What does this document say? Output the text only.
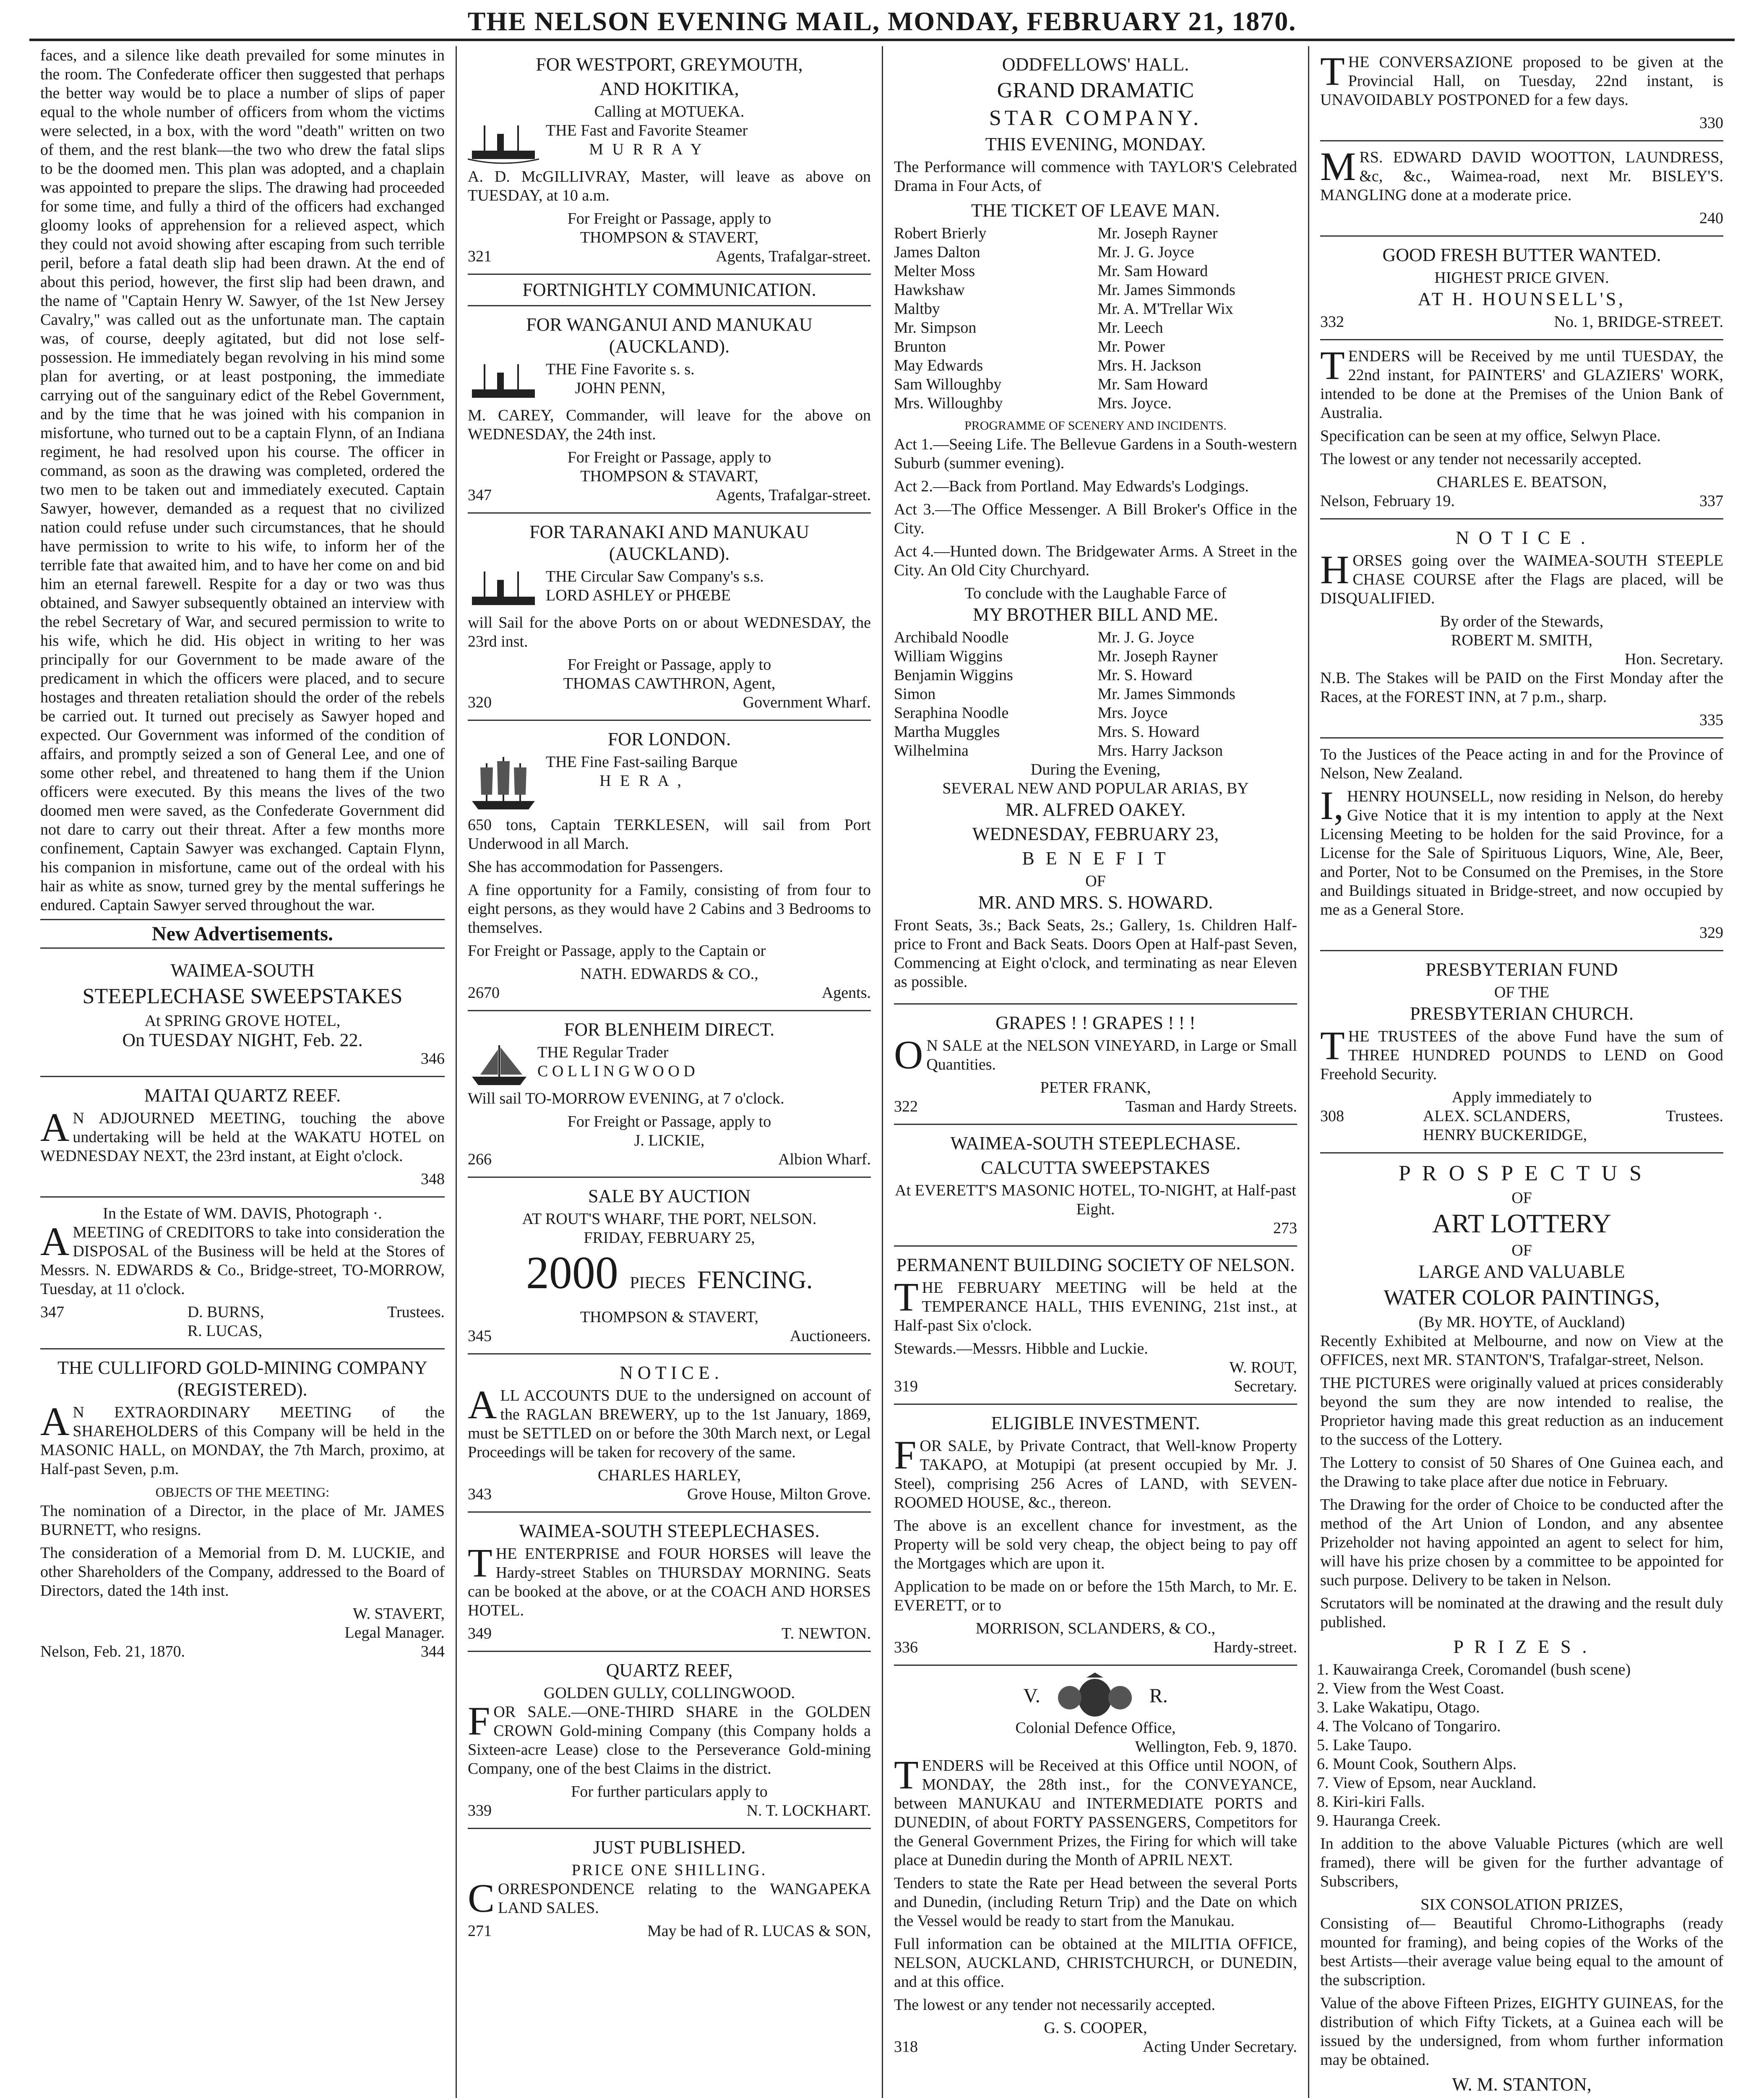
THE NELSON EVENING MAIL, MONDAY, FEBRUARY 21, 1870.

faces, and a silence like death prevailed for some minutes in the room. The Confederate officer then suggested that perhaps the better way would be to place a number of slips of paper equal to the whole number of officers from whom the victims were selected, in a box, with the word "death" written on two of them, and the rest blank—the two who drew the fatal slips to be the doomed men. This plan was adopted, and a chaplain was appointed to prepare the slips. The drawing had proceeded for some time, and fully a third of the officers had exchanged gloomy looks of apprehension for a relieved aspect, which they could not avoid showing after escaping from such terrible peril, before a fatal death slip had been drawn. At the end of about this period, however, the first slip had been drawn, and the name of "Captain Henry W. Sawyer, of the 1st New Jersey Cavalry," was called out as the unfortunate man. The captain was, of course, deeply agitated, but did not lose self-possession. He immediately began revolving in his mind some plan for averting, or at least postponing, the immediate carrying out of the sanguinary edict of the Rebel Government, and by the time that he was joined with his companion in misfortune, who turned out to be a captain Flynn, of an Indiana regiment, he had resolved upon his course. The officer in command, as soon as the drawing was completed, ordered the two men to be taken out and immediately executed. Captain Sawyer, however, demanded as a request that no civilized nation could refuse under such circumstances, that he should have permission to write to his wife, to inform her of the terrible fate that awaited him, and to have her come on and bid him an eternal farewell. Respite for a day or two was thus obtained, and Sawyer subsequently obtained an interview with the rebel Secretary of War, and secured permission to write to his wife, which he did. His object in writing to her was principally for our Government to be made aware of the predicament in which the officers were placed, and to secure hostages and threaten retaliation should the order of the rebels be carried out. It turned out precisely as Sawyer hoped and expected. Our Government was informed of the condition of affairs, and promptly seized a son of General Lee, and one of some other rebel, and threatened to hang them if the Union officers were executed. By this means the lives of the two doomed men were saved, as the Confederate Government did not dare to carry out their threat. After a few months more confinement, Captain Sawyer was exchanged. Captain Flynn, his companion in misfortune, came out of the ordeal with his hair as white as snow, turned grey by the mental sufferings he endured. Captain Sawyer served throughout the war.

New Advertisements.
WAIMEA-SOUTH
STEEPLECHASE SWEEPSTAKES
At SPRING GROVE HOTEL,
On TUESDAY NIGHT, Feb. 22.
346
MAITAI QUARTZ REEF.

AN ADJOURNED MEETING, touching the above undertaking will be held at the WAKATU HOTEL on WEDNESDAY NEXT, the 23rd instant, at Eight o'clock.

348
In the Estate of WM. DAVIS, Photograph ·.

AMEETING of CREDITORS to take into consideration the DISPOSAL of the Business will be held at the Stores of Messrs. N. EDWARDS & Co., Bridge-street, TO-MORROW, Tuesday, at 11 o'clock.

347	D. BURNS,
R. LUCAS,
Trustees.
THE CULLIFORD GOLD-MINING COMPANY (REGISTERED).

AN EXTRAORDINARY MEETING of the SHAREHOLDERS of this Company will be held in the MASONIC HALL, on MONDAY, the 7th March, proximo, at Half-past Seven, p.m.

OBJECTS OF THE MEETING:

The nomination of a Director, in the place of Mr. JAMES BURNETT, who resigns.

The consideration of a Memorial from D. M. LUCKIE, and other Shareholders of the Company, addressed to the Board of Directors, dated the 14th inst.

W. STAVERT,
Legal Manager.
Nelson, Feb. 21, 1870.	344
FOR WESTPORT, GREYMOUTH,
AND HOKITIKA,
Calling at MOTUEKA.
THE Fast and Favorite Steamer
M U R R A Y

A. D. McGILLIVRAY, Master, will leave as above on TUESDAY, at 10 a.m.

For Freight or Passage, apply to
THOMPSON & STAVERT,
321	Agents, Trafalgar-street.
FORTNIGHTLY COMMUNICATION.
FOR WANGANUI AND MANUKAU (AUCKLAND).
THE Fine Favorite s. s.
JOHN PENN,

M. CAREY, Commander, will leave for the above on WEDNESDAY, the 24th inst.

For Freight or Passage, apply to
THOMPSON & STAVART,
347	Agents, Trafalgar-street.
FOR TARANAKI AND MANUKAU (AUCKLAND).
THE Circular Saw Company's s.s.
LORD ASHLEY or PHŒBE

will Sail for the above Ports on or about WEDNESDAY, the 23rd inst.

For Freight or Passage, apply to
THOMAS CAWTHRON, Agent,
320	Government Wharf.
FOR LONDON.
THE Fine Fast-sailing Barque
H E R A ,

650 tons, Captain TERKLESEN, will sail from Port Underwood in all March.

She has accommodation for Passengers.

A fine opportunity for a Family, consisting of from four to eight persons, as they would have 2 Cabins and 3 Bedrooms to themselves.

For Freight or Passage, apply to the Captain or

NATH. EDWARDS & CO.,
2670	Agents.
FOR BLENHEIM DIRECT.
THE Regular Trader
C O L L I N G W O O D

Will sail TO-MORROW EVENING, at 7 o'clock.

For Freight or Passage, apply to
J. LICKIE,
266	Albion Wharf.
SALE BY AUCTION
AT ROUT'S WHARF, THE PORT, NELSON.
FRIDAY, FEBRUARY 25,
2000 PIECES FENCING.
THOMPSON & STAVERT,
345	Auctioneers.
N O T I C E .

ALL ACCOUNTS DUE to the undersigned on account of the RAGLAN BREWERY, up to the 1st January, 1869, must be SETTLED on or before the 30th March next, or Legal Proceedings will be taken for recovery of the same.

CHARLES HARLEY,
343	Grove House, Milton Grove.
WAIMEA-SOUTH STEEPLECHASES.

THE ENTERPRISE and FOUR HORSES will leave the Hardy-street Stables on THURSDAY MORNING. Seats can be booked at the above, or at the COACH AND HORSES HOTEL.

349	T. NEWTON.
QUARTZ REEF,
GOLDEN GULLY, COLLINGWOOD.

FOR SALE.—ONE-THIRD SHARE in the GOLDEN CROWN Gold-mining Company (this Company holds a Sixteen-acre Lease) close to the Perseverance Gold-mining Company, one of the best Claims in the district.

For further particulars apply to
339	N. T. LOCKHART.
JUST PUBLISHED.
PRICE ONE SHILLING.

CORRESPONDENCE relating to the WANGAPEKA LAND SALES.

271	May be had of R. LUCAS & SON,
ODDFELLOWS' HALL.
GRAND DRAMATIC
STAR COMPANY.
THIS EVENING, MONDAY.

The Performance will commence with TAYLOR'S Celebrated Drama in Four Acts, of

THE TICKET OF LEAVE MAN.
Robert Brierly	Mr. Joseph Rayner
James Dalton	Mr. J. G. Joyce
Melter Moss	Mr. Sam Howard
Hawkshaw	Mr. James Simmonds
Maltby	Mr. A. M'Trellar Wix
Mr. Simpson	Mr. Leech
Brunton	Mr. Power
May Edwards	Mrs. H. Jackson
Sam Willoughby	Mr. Sam Howard
Mrs. Willoughby	Mrs. Joyce.
PROGRAMME OF SCENERY AND INCIDENTS.

Act 1.—Seeing Life. The Bellevue Gardens in a South-western Suburb (summer evening).

Act 2.—Back from Portland. May Edwards's Lodgings.

Act 3.—The Office Messenger. A Bill Broker's Office in the City.

Act 4.—Hunted down. The Bridgewater Arms. A Street in the City. An Old City Churchyard.

To conclude with the Laughable Farce of
MY BROTHER BILL AND ME.
Archibald Noodle	Mr. J. G. Joyce
William Wiggins	Mr. Joseph Rayner
Benjamin Wiggins	Mr. S. Howard
Simon	Mr. James Simmonds
Seraphina Noodle	Mrs. Joyce
Martha Muggles	Mrs. S. Howard
Wilhelmina	Mrs. Harry Jackson
During the Evening,
SEVERAL NEW AND POPULAR ARIAS, BY
MR. ALFRED OAKEY.
WEDNESDAY, FEBRUARY 23,
B E N E F I T
OF
MR. AND MRS. S. HOWARD.

Front Seats, 3s.; Back Seats, 2s.; Gallery, 1s. Children Half-price to Front and Back Seats. Doors Open at Half-past Seven, Commencing at Eight o'clock, and terminating as near Eleven as possible.

GRAPES ! ! GRAPES ! ! !

ON SALE at the NELSON VINEYARD, in Large or Small Quantities.

PETER FRANK,
322	Tasman and Hardy Streets.
WAIMEA-SOUTH STEEPLECHASE.
CALCUTTA SWEEPSTAKES
At EVERETT'S MASONIC HOTEL, TO-NIGHT, at Half-past Eight.
273
PERMANENT BUILDING SOCIETY OF NELSON.

THE FEBRUARY MEETING will be held at the TEMPERANCE HALL, THIS EVENING, 21st inst., at Half-past Six o'clock.

Stewards.—Messrs. Hibble and Luckie.
W. ROUT,
319	Secretary.
ELIGIBLE INVESTMENT.

FOR SALE, by Private Contract, that Well-know Property TAKAPO, at Motupipi (at present occupied by Mr. J. Steel), comprising 256 Acres of LAND, with SEVEN-ROOMED HOUSE, &c., thereon.

The above is an excellent chance for investment, as the Property will be sold very cheap, the object being to pay off the Mortgages which are upon it.

Application to be made on or before the 15th March, to Mr. E. EVERETT, or to

MORRISON, SCLANDERS, & CO.,
336	Hardy-street.
V.	R.
Colonial Defence Office,
Wellington, Feb. 9, 1870.

TENDERS will be Received at this Office until NOON, of MONDAY, the 28th inst., for the CONVEYANCE, between MANUKAU and INTERMEDIATE PORTS and DUNEDIN, of about FORTY PASSENGERS, Competitors for the General Government Prizes, the Firing for which will take place at Dunedin during the Month of APRIL NEXT.

Tenders to state the Rate per Head between the several Ports and Dunedin, (including Return Trip) and the Date on which the Vessel would be ready to start from the Manukau.

Full information can be obtained at the MILITIA OFFICE, NELSON, AUCKLAND, CHRISTCHURCH, or DUNEDIN, and at this office.

The lowest or any tender not necessarily accepted.

G. S. COOPER,
318	Acting Under Secretary.

THE CONVERSAZIONE proposed to be given at the Provincial Hall, on Tuesday, 22nd instant, is UNAVOIDABLY POSTPONED for a few days.

330

MRS. EDWARD DAVID WOOTTON, LAUNDRESS, &c, &c., Waimea-road, next Mr. BISLEY'S. MANGLING done at a moderate price.

240
GOOD FRESH BUTTER WANTED.
HIGHEST PRICE GIVEN.
AT H. HOUNSELL'S,
332	No. 1, BRIDGE-STREET.

TENDERS will be Received by me until TUESDAY, the 22nd instant, for PAINTERS' and GLAZIERS' WORK, intended to be done at the Premises of the Union Bank of Australia.

Specification can be seen at my office, Selwyn Place.

The lowest or any tender not necessarily accepted.

CHARLES E. BEATSON,
Nelson, February 19.	337
N O T I C E .

HORSES going over the WAIMEA-SOUTH STEEPLE CHASE COURSE after the Flags are placed, will be DISQUALIFIED.

By order of the Stewards,
ROBERT M. SMITH,
Hon. Secretary.

N.B. The Stakes will be PAID on the First Monday after the Races, at the FOREST INN, at 7 p.m., sharp.

335

To the Justices of the Peace acting in and for the Province of Nelson, New Zealand.

I,HENRY HOUNSELL, now residing in Nelson, do hereby Give Notice that it is my intention to apply at the Next Licensing Meeting to be holden for the said Province, for a License for the Sale of Spirituous Liquors, Wine, Ale, Beer, and Porter, Not to be Consumed on the Premises, in the Store and Buildings situated in Bridge-street, and now occupied by me as a General Store.

329
PRESBYTERIAN FUND
OF THE
PRESBYTERIAN CHURCH.

THE TRUSTEES of the above Fund have the sum of THREE HUNDRED POUNDS to LEND on Good Freehold Security.

Apply immediately to
308	ALEX. SCLANDERS,
HENRY BUCKERIDGE,
Trustees.
P R O S P E C T U S
OF
ART LOTTERY
OF
LARGE AND VALUABLE
WATER COLOR PAINTINGS,
(By MR. HOYTE, of Auckland)

Recently Exhibited at Melbourne, and now on View at the OFFICES, next MR. STANTON'S, Trafalgar-street, Nelson.

THE PICTURES were originally valued at prices considerably beyond the sum they are now intended to realise, the Proprietor having made this great reduction as an inducement to the success of the Lottery.

The Lottery to consist of 50 Shares of One Guinea each, and the Drawing to take place after due notice in February.

The Drawing for the order of Choice to be conducted after the method of the Art Union of London, and any absentee Prizeholder not having appointed an agent to select for him, will have his prize chosen by a committee to be appointed for such purpose. Delivery to be taken in Nelson.

Scrutators will be nominated at the drawing and the result duly published.

P R I Z E S .
1. Kauwairanga Creek, Coromandel (bush scene)
2. View from the West Coast.
3. Lake Wakatipu, Otago.
4. The Volcano of Tongariro.
5. Lake Taupo.
6. Mount Cook, Southern Alps.
7. View of Epsom, near Auckland.
8. Kiri-kiri Falls.
9. Hauranga Creek.

In addition to the above Valuable Pictures (which are well framed), there will be given for the further advantage of Subscribers,

SIX CONSOLATION PRIZES,

Consisting of— Beautiful Chromo-Lithographs (ready mounted for framing), and being copies of the Works of the best Artists—their average value being equal to the amount of the subscription.

Value of the above Fifteen Prizes, EIGHTY GUINEAS, for the distribution of which Fifty Tickets, at a Guinea each will be issued by the undersigned, from whom further information may be obtained.

W. M. STANTON,
